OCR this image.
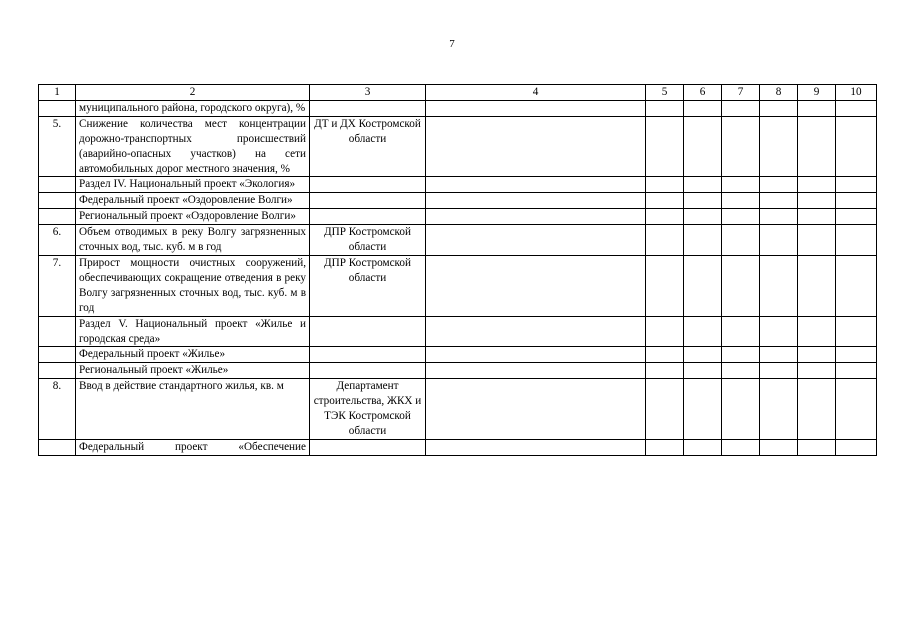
7
1	2	3	4	5	6	7	8	9	10
	муниципального района, городского округа), %								
5.	Снижение количества мест концентрации дорожно-транспортных происшествий (аварийно-опасных участков) на сети автомобильных дорог местного значения, %	ДТ и ДХ Костромской области							
	Раздел IV. Национальный проект «Экология»								
	Федеральный проект «Оздоровление Волги»								
	Региональный проект «Оздоровление Волги»								
6.	Объем отводимых в реку Волгу загрязненных сточных вод, тыс. куб. м в год	ДПР Костромской области							
7.	Прирост мощности очистных сооружений, обеспечивающих сокращение отведения в реку Волгу загрязненных сточных вод, тыс. куб. м в год	ДПР Костромской области							
	Раздел V. Национальный проект «Жилье и городская среда»								
	Федеральный проект «Жилье»								
	Региональный проект «Жилье»								
8.	Ввод в действие стандартного жилья, кв. м	Департамент строительства, ЖКХ и ТЭК Костромской области							
	Федеральный проект «Обеспечение								
